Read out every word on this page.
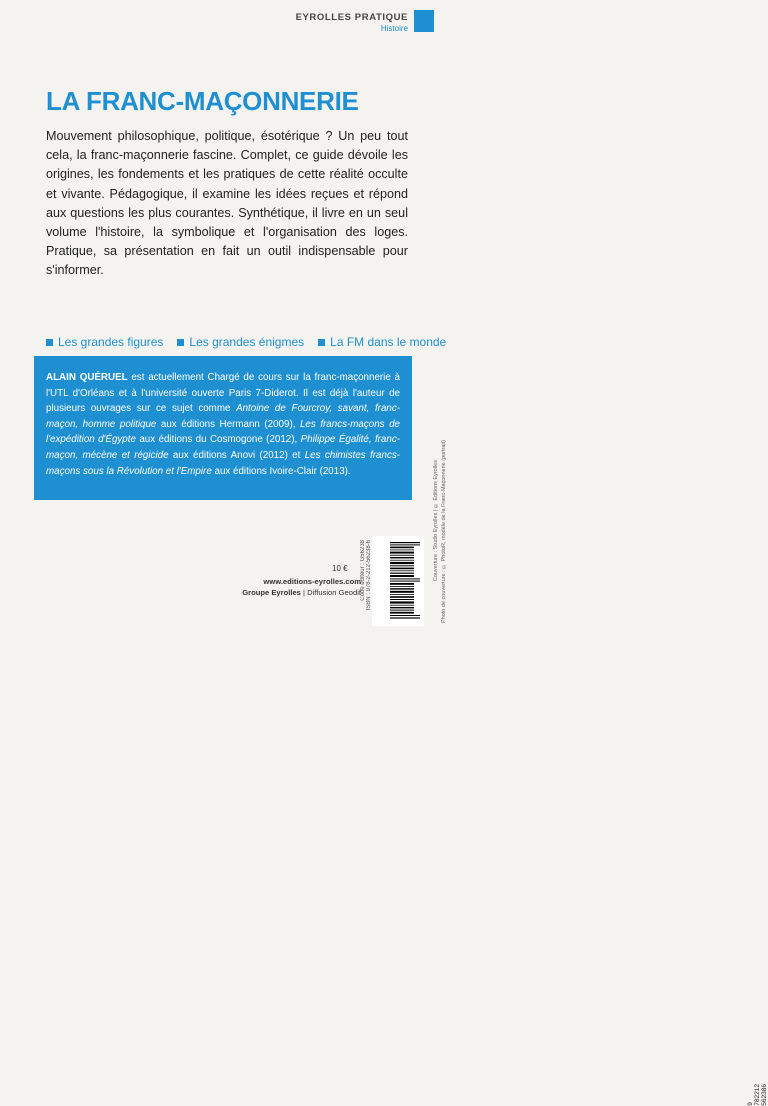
EYROLLES PRATIQUE
Histoire
LA FRANC-MAÇONNERIE

Mouvement philosophique, politique, ésotérique ? Un peu tout cela, la franc-maçonnerie fascine. Complet, ce guide dévoile les origines, les fondements et les pratiques de cette réalité occulte et vivante. Pédagogique, il examine les idées reçues et répond aux questions les plus courantes. Synthétique, il livre en un seul volume l'histoire, la symbolique et l'organisation des loges. Pratique, sa présentation en fait un outil indispensable pour s'informer.

Les grandes figures Les grandes énigmes La FM dans le monde
ALAIN QUÉRUEL est actuellement Chargé de cours sur la franc-maçonnerie à l'UTL d'Orléans et à l'université ouverte Paris 7-Diderot. Il est déjà l'auteur de plusieurs ouvrages sur ce sujet comme Antoine de Fourcroy, savant, franc-maçon, homme politique aux éditions Hermann (2009), Les francs-maçons de l'expédition d'Égypte aux éditions du Cosmogone (2012), Philippe Égalité, franc-maçon, mécène et régicide aux éditions Anovi (2012) et Les chimistes francs-maçons sous la Révolution et l'Empire aux éditions Ivoire-Clair (2013).
10 €
www.editions-eyrolles.com
Groupe Eyrolles | Diffusion Geodif Code éditeur : G56238 ISBN : 978-2-212-56238-6
9 782212 562386
Couverture : Studio Eyrolles | © Éditions Eyrolles Photo de couverture : © PhotoR, modèle de la Franc-Maçonnerie (portrait)
